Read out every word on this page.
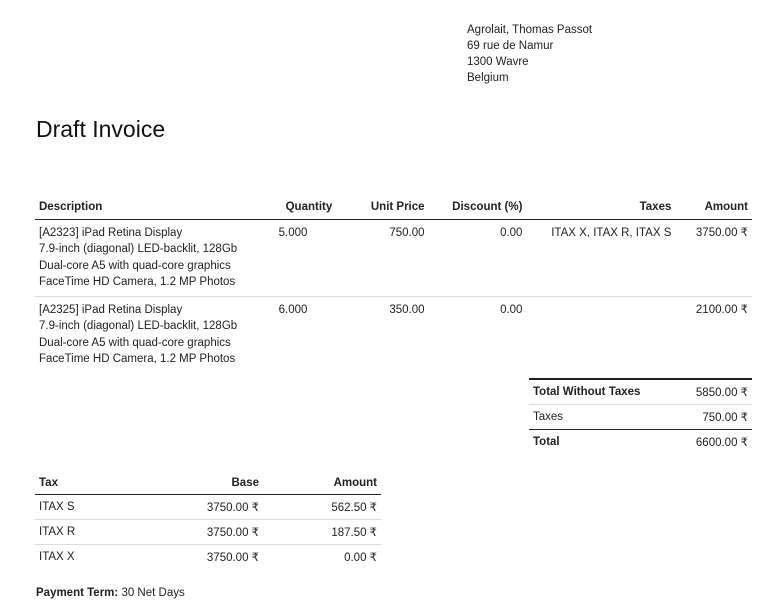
Agrolait, Thomas Passot
69 rue de Namur
1300 Wavre
Belgium
Draft Invoice
Description	Quantity	Unit Price	Discount (%)	Taxes	Amount

[A2323] iPad Retina Display
7.9-inch (diagonal) LED-backlit, 128Gb
Dual-core A5 with quad-core graphics
FaceTime HD Camera, 1.2 MP Photos	5.000	750.00	0.00	ITAX X, ITAX R, ITAX S	3750.00 ₹

[A2325] iPad Retina Display
7.9-inch (diagonal) LED-backlit, 128Gb
Dual-core A5 with quad-core graphics
FaceTime HD Camera, 1.2 MP Photos	6.000	350.00	0.00		2100.00 ₹
Total Without Taxes	5850.00 ₹
Taxes	750.00 ₹
Total	6600.00 ₹
Tax	Base	Amount
ITAX S	3750.00 ₹	562.50 ₹
ITAX R	3750.00 ₹	187.50 ₹
ITAX X	3750.00 ₹	0.00 ₹
Payment Term: 30 Net Days
